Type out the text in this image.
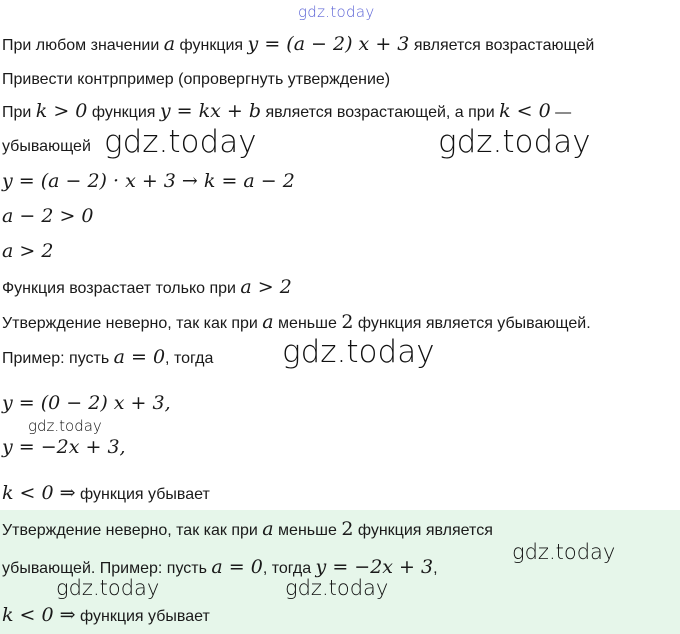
gdz.today
gdz.today	gdz.today
gdz.today
gdz.today
gdz.today
gdz.today	gdz.today
При любом значении a функция y = (a − 2) x + 3 является возрастающей
Привести контрпример (опровергнуть утверждение)
При k > 0 функция y = kx + b является возрастающей, а при k < 0 —
убывающей
y = (a − 2) · x + 3 → k = a − 2
a − 2 > 0
a > 2
Функция возрастает только при a > 2
Утверждение неверно, так как при a меньше 2 функция является убывающей.
Пример: пусть a = 0, тогда
y = (0 − 2) x + 3,
y = −2x + 3,
k < 0 ⇒ функция убывает
Утверждение неверно, так как при a меньше 2 функция является
убывающей. Пример: пусть a = 0, тогда y = −2x + 3,
k < 0 ⇒ функция убывает
